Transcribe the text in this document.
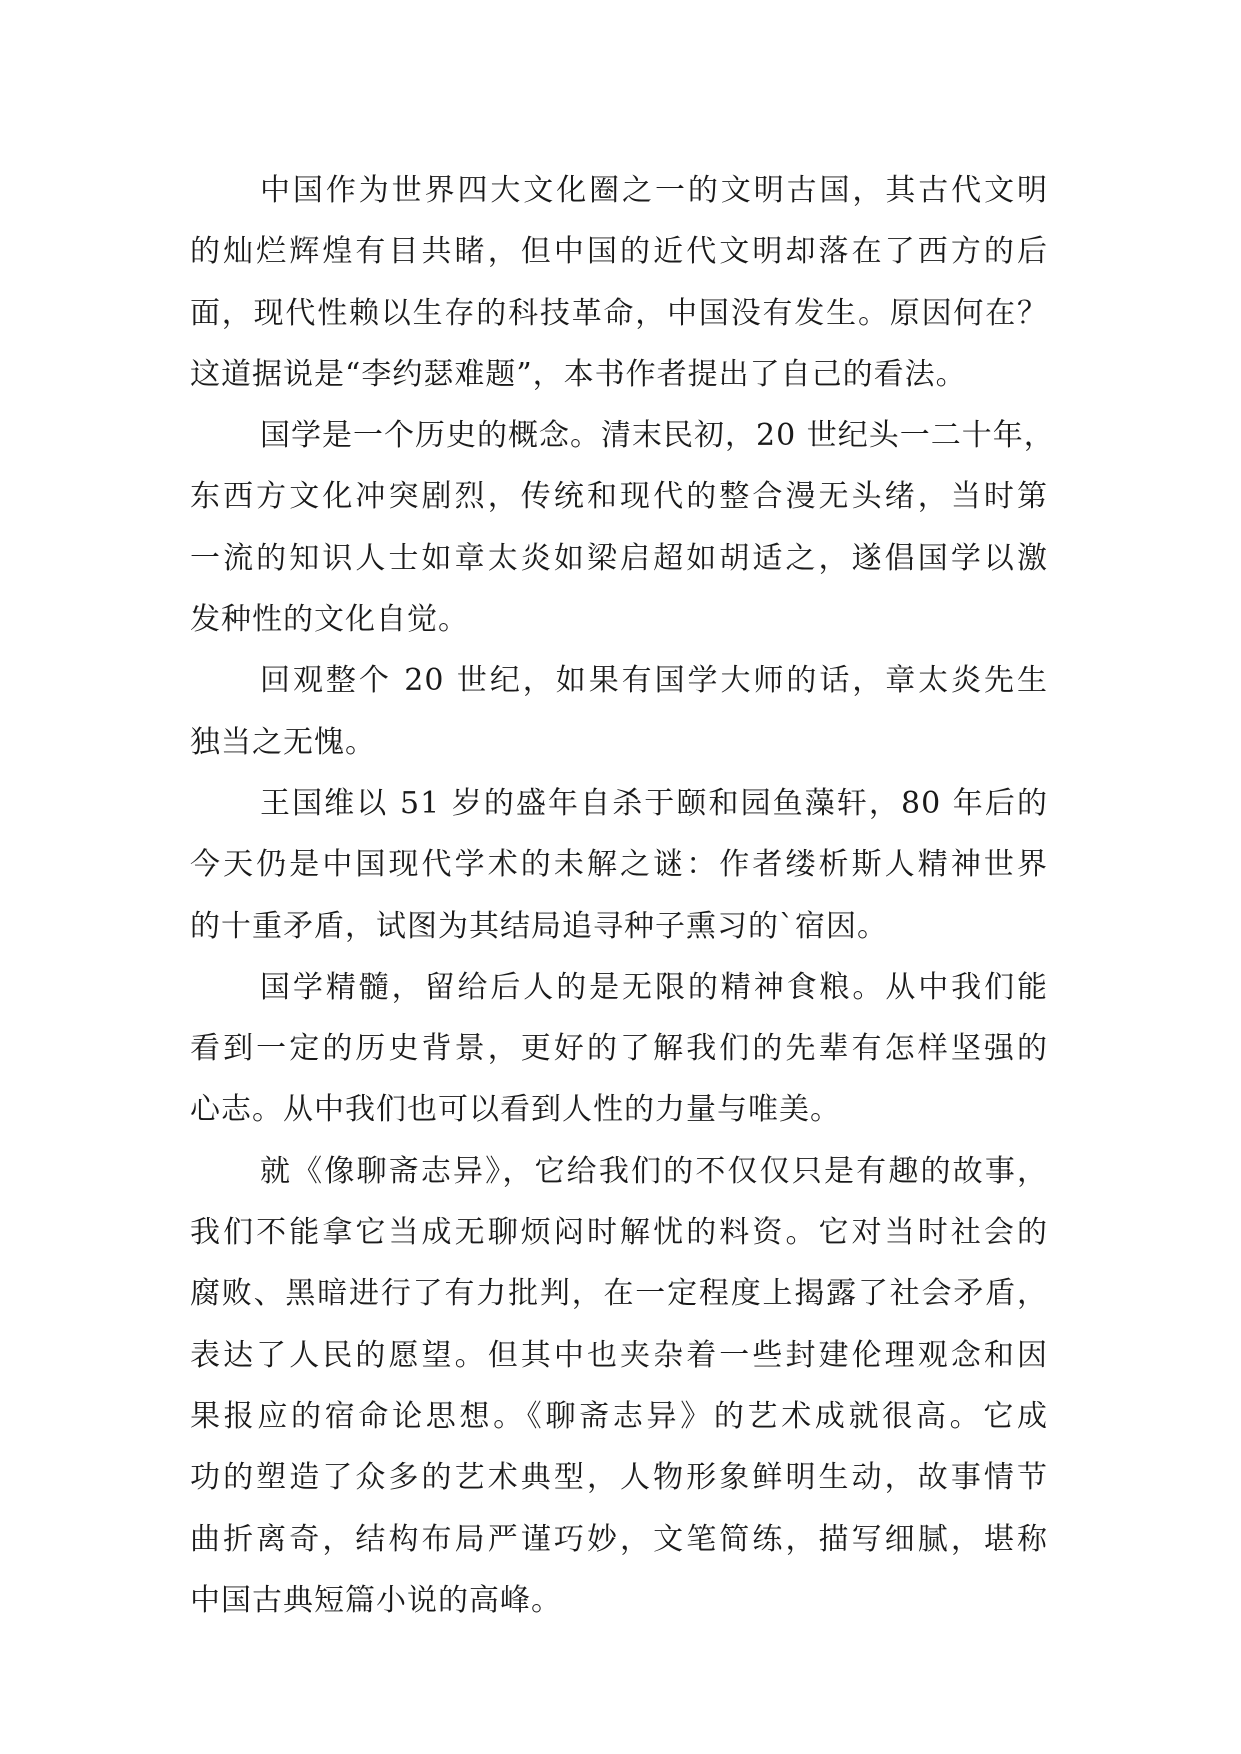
中国作为世界四大文化圈之一的文明古国，其古代文明
的灿烂辉煌有目共睹，但中国的近代文明却落在了西方的后
面，现代性赖以生存的科技革命，中国没有发生。原因何在？
这道据说是“李约瑟难题”，本书作者提出了自己的看法。
国学是一个历史的概念。清末民初，20 世纪头一二十年，
东西方文化冲突剧烈，传统和现代的整合漫无头绪，当时第
一流的知识人士如章太炎如梁启超如胡适之，遂倡国学以激
发种性的文化自觉。
回观整个 20 世纪，如果有国学大师的话，章太炎先生
独当之无愧。
王国维以 51 岁的盛年自杀于颐和园鱼藻轩，80 年后的
今天仍是中国现代学术的未解之谜：作者缕析斯人精神世界
的十重矛盾，试图为其结局追寻种子熏习的`宿因。
国学精髓，留给后人的是无限的精神食粮。从中我们能
看到一定的历史背景，更好的了解我们的先辈有怎样坚强的
心志。从中我们也可以看到人性的力量与唯美。
就《像聊斋志异》，它给我们的不仅仅只是有趣的故事，
我们不能拿它当成无聊烦闷时解忧的料资。它对当时社会的
腐败、黑暗进行了有力批判，在一定程度上揭露了社会矛盾，
表达了人民的愿望。但其中也夹杂着一些封建伦理观念和因
果报应的宿命论思想。《聊斋志异》的艺术成就很高。它成
功的塑造了众多的艺术典型，人物形象鲜明生动，故事情节
曲折离奇，结构布局严谨巧妙，文笔简练，描写细腻，堪称
中国古典短篇小说的高峰。
